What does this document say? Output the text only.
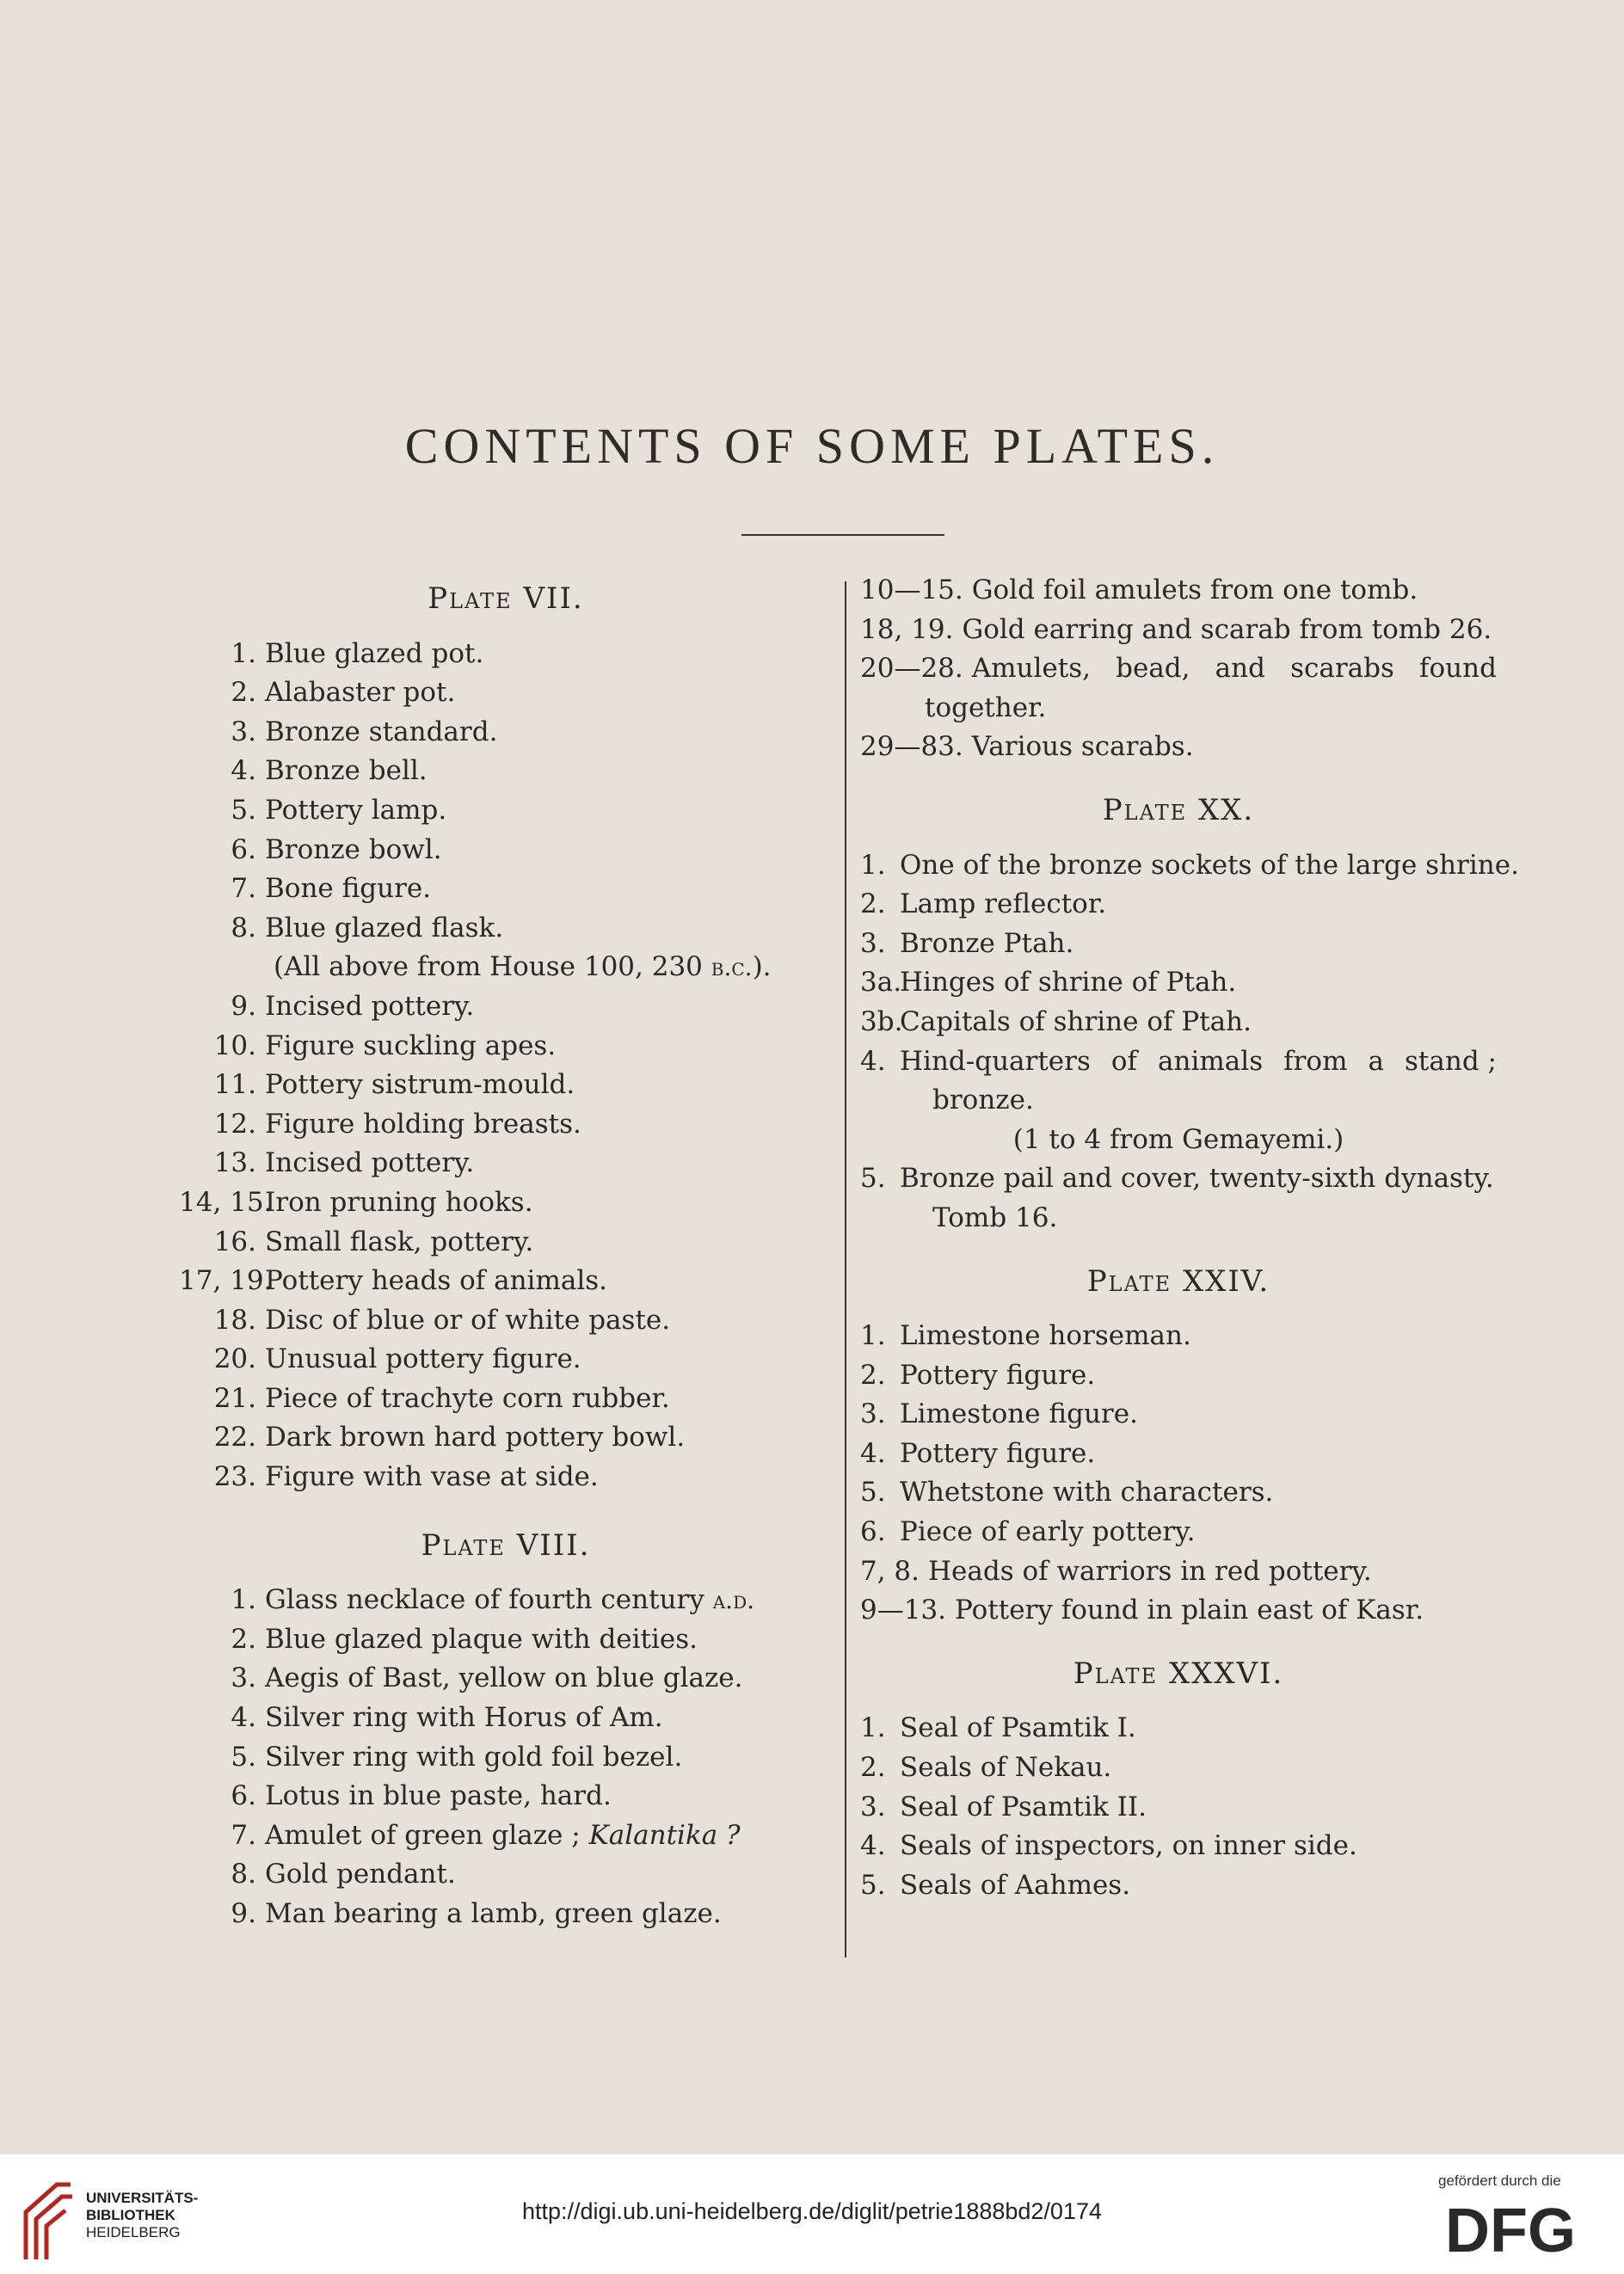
CONTENTS OF SOME PLATES.
Plate VII.
1. Blue glazed pot.
2. Alabaster pot.
3. Bronze standard.
4. Bronze bell.
5. Pottery lamp.
6. Bronze bowl.
7. Bone figure.
8. Blue glazed flask.
(All above from House 100, 230 b.c.).
9. Incised pottery.
10. Figure suckling apes.
11. Pottery sistrum-mould.
12. Figure holding breasts.
13. Incised pottery.
14, 15.
Iron pruning hooks.
16. Small flask, pottery.
17, 19.
Pottery heads of animals.
18. Disc of blue or of white paste.
20. Unusual pottery figure.
21. Piece of trachyte corn rubber.
22. Dark brown hard pottery bowl.
23. Figure with vase at side.
Plate VIII.
1. Glass necklace of fourth century a.d.
2. Blue glazed plaque with deities.
3. Aegis of Bast, yellow on blue glaze.
4. Silver ring with Horus of Am.
5. Silver ring with gold foil bezel.
6. Lotus in blue paste, hard.
7. Amulet of green glaze ; Kalantika ?
8. Gold pendant.
9. Man bearing a lamb, green glaze.
10—15. Gold foil amulets from one tomb.
18, 19. Gold earring and scarab from tomb 26.
20—28. Amulets, bead, and scarabs found
together.
29—83. Various scarabs.
Plate XX.
1. One of the bronze sockets of the large shrine.
2. Lamp reflector.
3. Bronze Ptah.
3a.
Hinges of shrine of Ptah.
3b.
Capitals of shrine of Ptah.
4. Hind-quarters of animals from a stand ;
bronze.
(1 to 4 from Gemayemi.)
5. Bronze pail and cover, twenty-sixth dynasty.
Tomb 16.
Plate XXIV.
1. Limestone horseman.
2. Pottery figure.
3. Limestone figure.
4. Pottery figure.
5. Whetstone with characters.
6. Piece of early pottery.
7, 8. Heads of warriors in red pottery.
9—13. Pottery found in plain east of Kasr.
Plate XXXVI.
1. Seal of Psamtik I.
2. Seals of Nekau.
3. Seal of Psamtik II.
4. Seals of inspectors, on inner side.
5. Seals of Aahmes.
UNIVERSITÄTS-
BIBLIOTHEK
HEIDELBERG
http://digi.ub.uni-heidelberg.de/diglit/petrie1888bd2/0174
gefördert durch die
DFG
